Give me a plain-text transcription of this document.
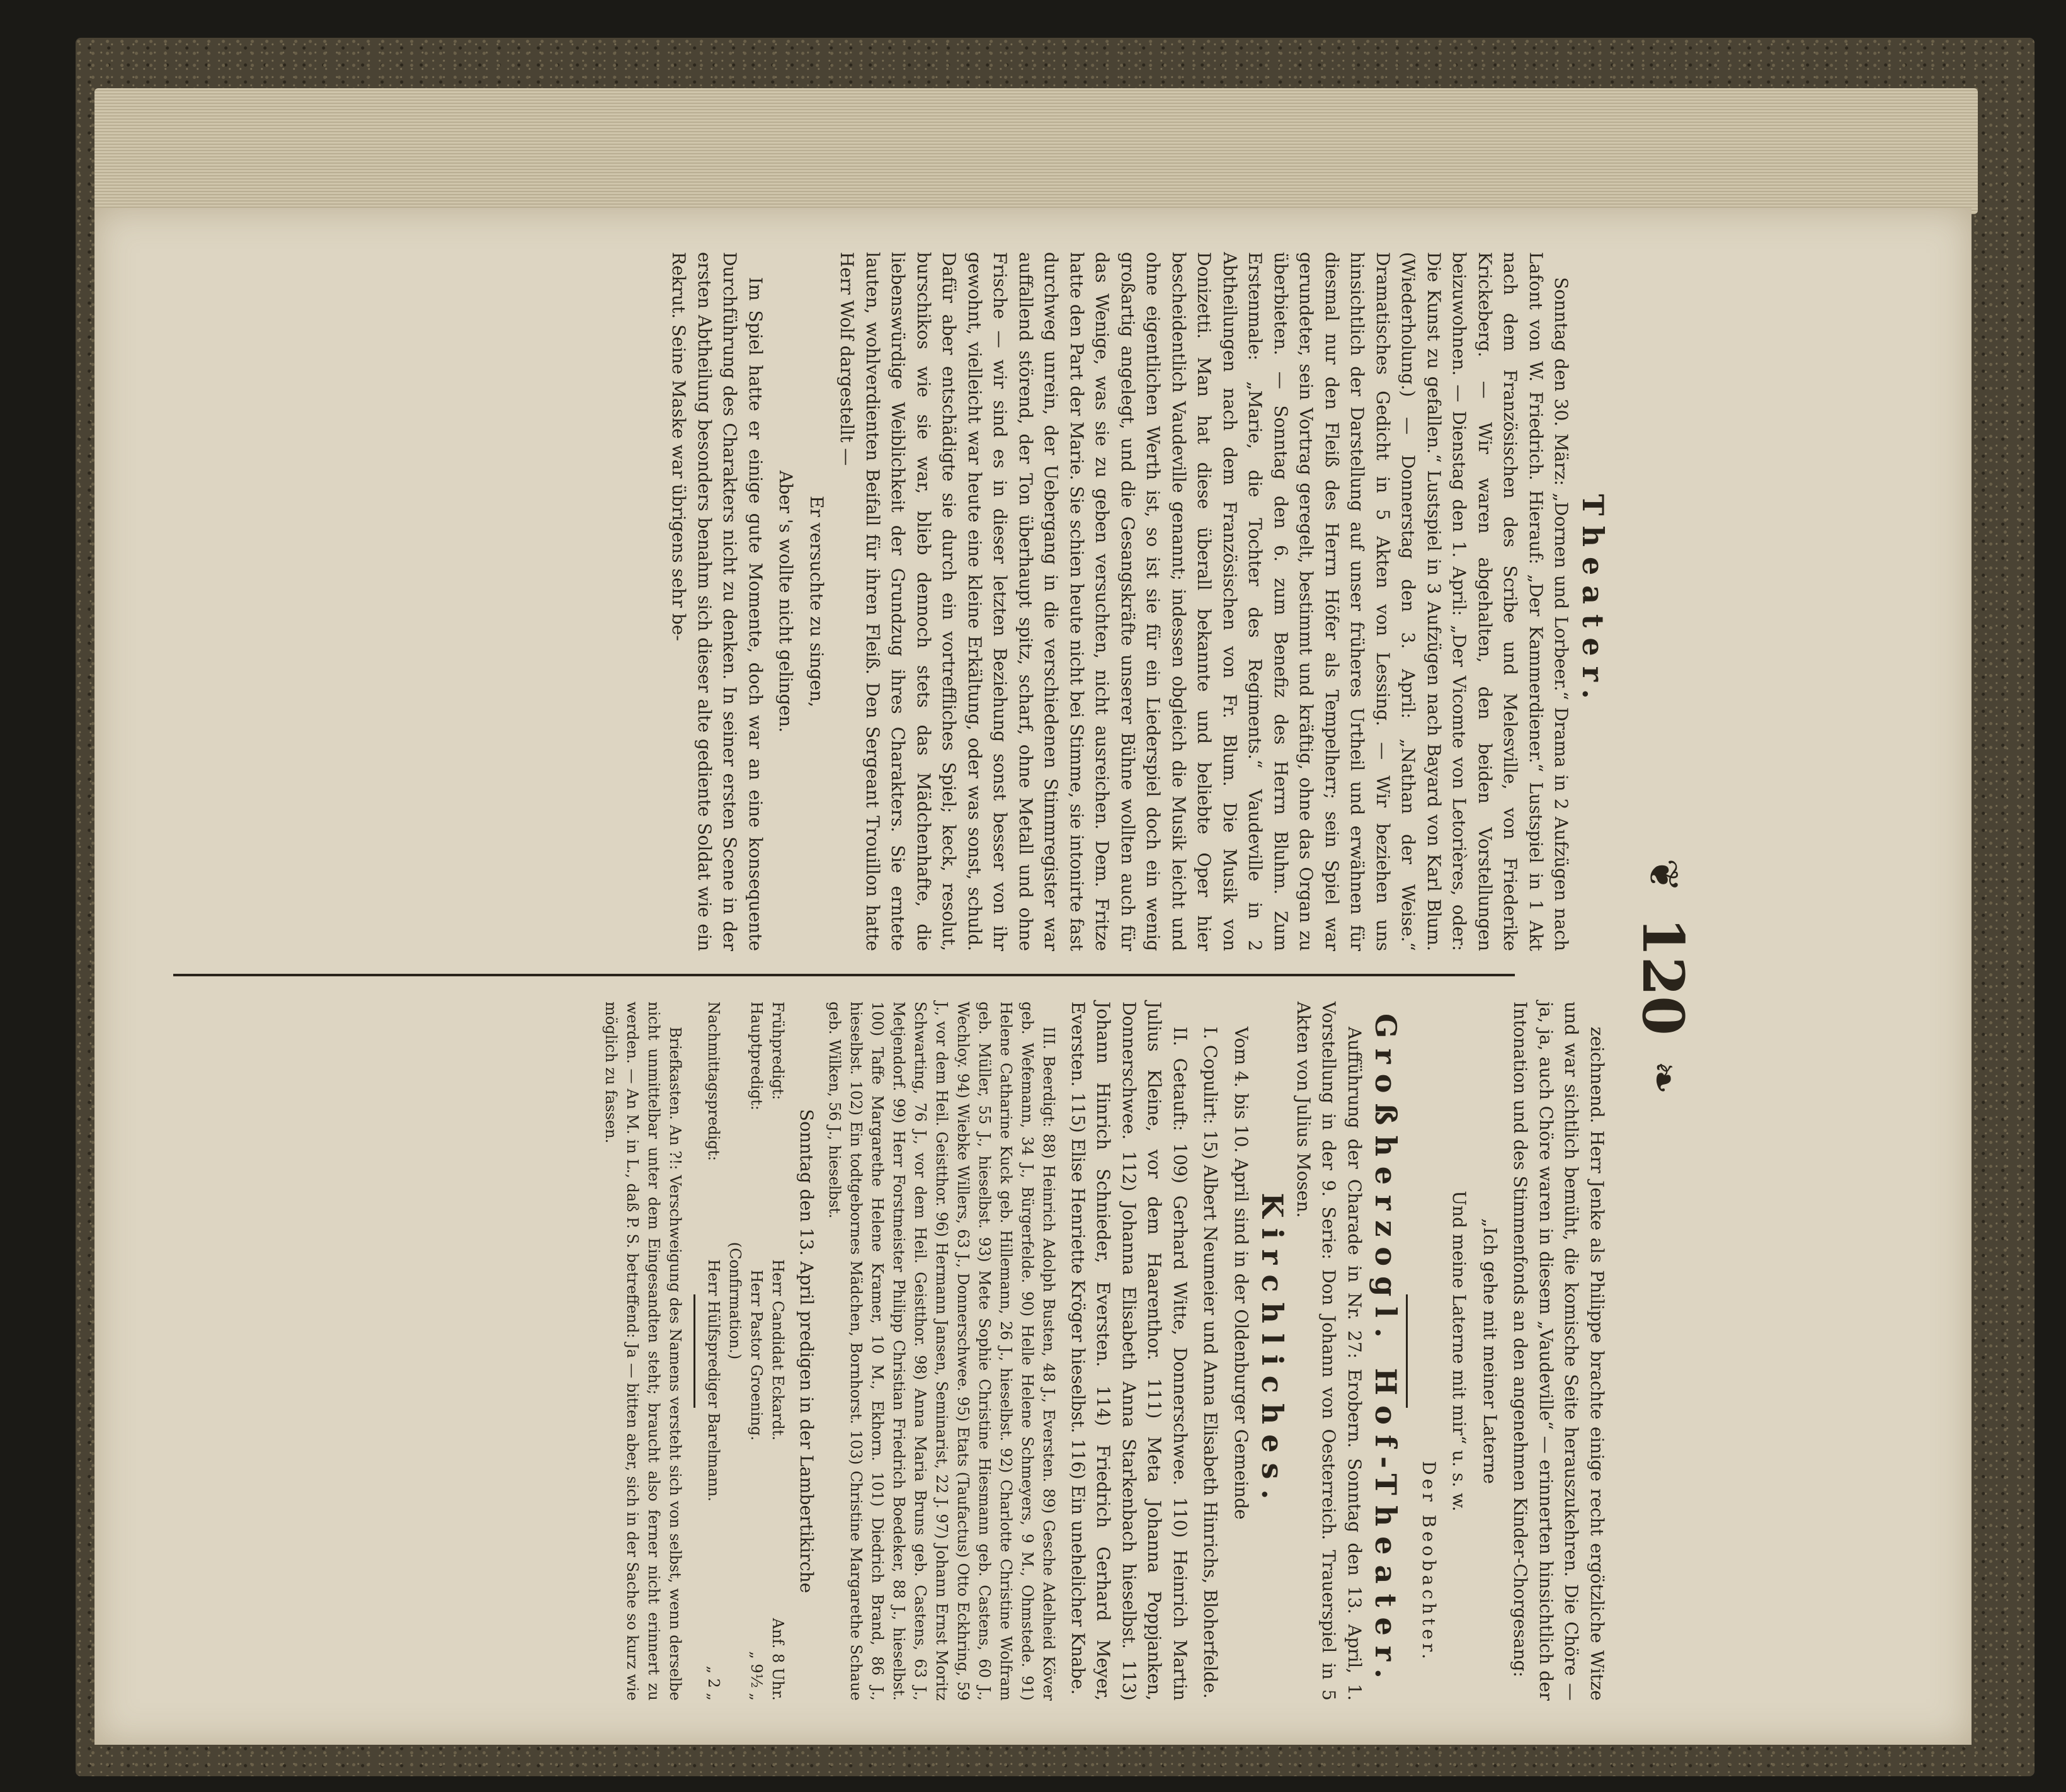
❦
120
❧
Theater.

Sonntag den 30. März: „Dornen und Lorbeer.“ Drama in 2 Aufzügen nach Lafont von W. Friedrich. Hierauf: „Der Kammerdiener.“ Lustspiel in 1 Akt nach dem Französischen des Scribe und Melesville, von Friederike Krickeberg. — Wir waren abgehalten, den beiden Vorstellungen beizuwohnen. — Dienstag den 1. April: „Der Vicomte von Letorières, oder: Die Kunst zu gefallen.“ Lustspiel in 3 Aufzügen nach Bayard von Karl Blum. (Wiederholung.) — Donnerstag den 3. April: „Nathan der Weise.“ Dramatisches Gedicht in 5 Akten von Lessing. — Wir beziehen uns hinsichtlich der Darstellung auf unser früheres Urtheil und erwähnen für diesmal nur den Fleiß des Herrn Höfer als Tempelherr; sein Spiel war gerundeter, sein Vortrag geregelt, bestimmt und kräftig, ohne das Organ zu überbieten. — Sonntag den 6. zum Benefiz des Herrn Bluhm. Zum Erstenmale: „Marie, die Tochter des Regiments.“ Vaudeville in 2 Abtheilungen nach dem Französischen von Fr. Blum. Die Musik von Donizetti. Man hat diese überall bekannte und beliebte Oper hier bescheidentlich Vaudeville genannt; indessen obgleich die Musik leicht und ohne eigentlichen Werth ist, so ist sie für ein Liederspiel doch ein wenig großartig angelegt, und die Gesangskräfte unserer Bühne wollten auch für das Wenige, was sie zu geben versuchten, nicht ausreichen. Dem. Fritze hatte den Part der Marie. Sie schien heute nicht bei Stimme, sie intonirte fast durchweg unrein, der Uebergang in die verschiedenen Stimmregister war auffallend störend, der Ton überhaupt spitz, scharf, ohne Metall und ohne Frische — wir sind es in dieser letzten Beziehung sonst besser von ihr gewohnt, vielleicht war heute eine kleine Erkältung, oder was sonst, schuld. Dafür aber entschädigte sie durch ein vortreffliches Spiel; keck, resolut, burschikos wie sie war, blieb dennoch stets das Mädchenhafte, die liebenswürdige Weiblichkeit der Grundzug ihres Charakters. Sie erntete lauten, wohlverdienten Beifall für ihren Fleiß. Den Sergeant Trouillon hatte Herr Wolf dargestellt —

Er versuchte zu singen,

Aber 's wollte nicht gelingen.

Im Spiel hatte er einige gute Momente, doch war an eine konsequente Durchführung des Charakters nicht zu denken. In seiner ersten Scene in der ersten Abtheilung besonders benahm sich dieser alte gediente Soldat wie ein Rekrut. Seine Maske war übrigens sehr be-

zeichnend. Herr Jenke als Philippe brachte einige recht ergötzliche Witze und war sichtlich bemüht, die komische Seite herauszukehren. Die Chöre — ja, ja, auch Chöre waren in diesem „Vaudeville“ — erinnerten hinsichtlich der Intonation und des Stimmenfonds an den angenehmen Kinder-Chorgesang:

„Ich gehe mit meiner Laterne

Und meine Laterne mit mir“ u. s. w.

Der Beobachter.

Großherzogl. Hof-Theater.

Aufführung der Charade in Nr. 27: Erobern. Sonntag den 13. April, 1. Vorstellung in der 9. Serie: Don Johann von Oesterreich. Trauerspiel in 5 Akten von Julius Mosen.

Kirchliches.

Vom 4. bis 10. April sind in der Oldenburger Gemeinde

I. Copulirt: 15) Albert Neumeier und Anna Elisabeth Hinrichs, Bloherfelde.

II. Getauft: 109) Gerhard Witte, Donnerschwee. 110) Heinrich Martin Julius Kleine, vor dem Haarenthor. 111) Meta Johanna Poppjanken, Donnerschwee. 112) Johanna Elisabeth Anna Starkenbach hieselbst. 113) Johann Hinrich Schnieder, Eversten. 114) Friedrich Gerhard Meyer, Eversten. 115) Elise Henriette Kröger hieselbst. 116) Ein unehelicher Knabe.

III. Beerdigt: 88) Heinrich Adolph Busten, 48 J., Eversten. 89) Gesche Adelheid Köver geb. Wefemann, 34 J., Bürgerfelde. 90) Helle Helene Schmeyers, 9 M., Ohmstede. 91) Helene Catharine Kuck geb. Hillemann, 26 J., hieselbst. 92) Charlotte Christine Wolfram geb. Müller, 55 J., hieselbst. 93) Mete Sophie Christine Hiesmann geb. Castens, 60 J., Wechloy. 94) Wiebke Willers, 63 J., Donnerschwee. 95) Etats (Taufactus) Otto Eckhring, 59 J., vor dem Heil. Geistthor. 96) Hermann Jansen, Seminarist, 22 J. 97) Johann Ernst Moritz Schwarting, 76 J., vor dem Heil. Geistthor. 98) Anna Maria Bruns geb. Castens, 63 J., Metjendorf. 99) Herr Forstmeister Philipp Christian Friedrich Boedeker, 88 J., hieselbst. 100) Taffe Margarethe Helene Kramer, 10 M., Ekhorn. 101) Diedrich Brand, 86 J., hieselbst. 102) Ein todtgebornes Mädchen, Bornhorst. 103) Christine Margarethe Schaue geb. Wilken, 56 J., hieselbst.

Sonntag den 13. April predigen in der Lambertikirche

Frühpredigt:
Herr Candidat Eckardt.
Anf. 8 Uhr.
Hauptpredigt:
Herr Pastor Groening.
„ 9½ „
(Confirmation.)
Nachmittagspredigt:
Herr Hülfsprediger Barelmann.
„ 2 „

Briefkasten. An ?!: Verschweigung des Namens versteht sich von selbst, wenn derselbe nicht unmittelbar unter dem Eingesandten steht; braucht also ferner nicht erinnert zu werden. — An M. in L., daß P. S. betreffend: Ja — bitten aber, sich in der Sache so kurz wie möglich zu fassen.
